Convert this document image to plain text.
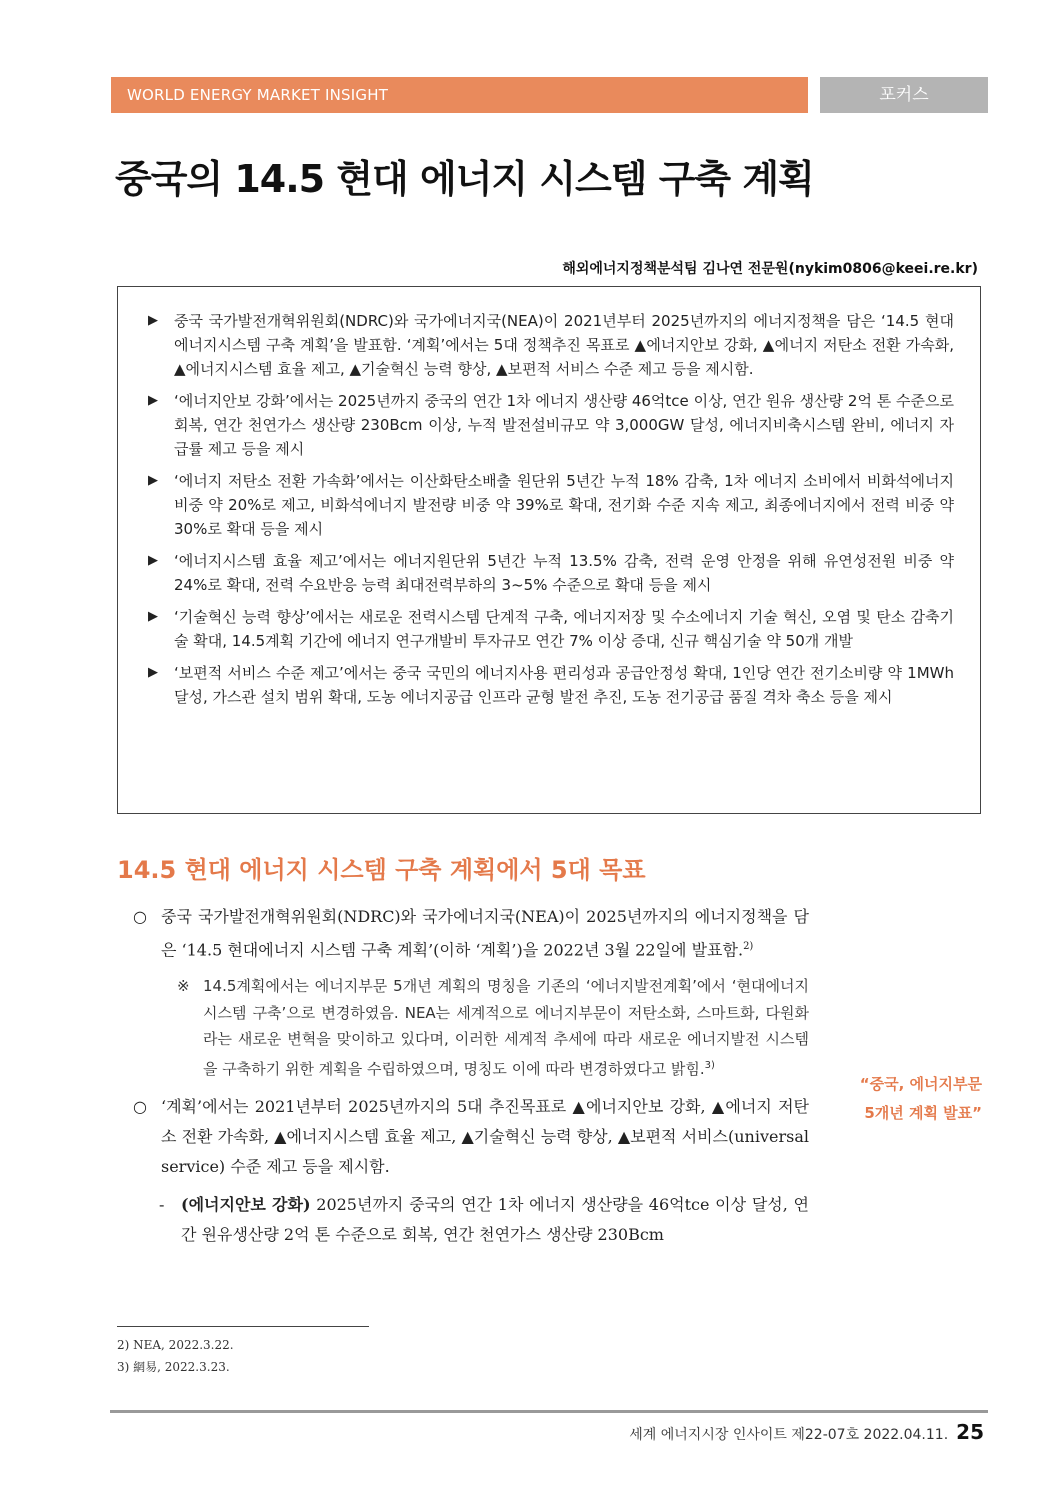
WORLD ENERGY MARKET INSIGHT	포커스
중국의 14.5 현대 에너지 시스템 구축 계획
해외에너지정책분석팀 김나연 전문원(nykim0806@keei.re.kr)
▶ 중국 국가발전개혁위원회(NDRC)와 국가에너지국(NEA)이 2021년부터 2025년까지의 에너지정책을 담은 ‘14.5 현대에너지시스템 구축 계획’을 발표함. ‘계획’에서는 5대 정책추진 목표로 ▲에너지안보 강화, ▲에너지 저탄소 전환 가속화, ▲에너지시스템 효율 제고, ▲기술혁신 능력 향상, ▲보편적 서비스 수준 제고 등을 제시함.
▶ ‘에너지안보 강화’에서는 2025년까지 중국의 연간 1차 에너지 생산량 46억tce 이상, 연간 원유 생산량 2억 톤 수준으로 회복, 연간 천연가스 생산량 230Bcm 이상, 누적 발전설비규모 약 3,000GW 달성, 에너지비축시스템 완비, 에너지 자급률 제고 등을 제시
▶ ‘에너지 저탄소 전환 가속화’에서는 이산화탄소배출 원단위 5년간 누적 18% 감축, 1차 에너지 소비에서 비화석에너지 비중 약 20%로 제고, 비화석에너지 발전량 비중 약 39%로 확대, 전기화 수준 지속 제고, 최종에너지에서 전력 비중 약 30%로 확대 등을 제시
▶ ‘에너지시스템 효율 제고’에서는 에너지원단위 5년간 누적 13.5% 감축, 전력 운영 안정을 위해 유연성전원 비중 약 24%로 확대, 전력 수요반응 능력 최대전력부하의 3~5% 수준으로 확대 등을 제시
▶ ‘기술혁신 능력 향상’에서는 새로운 전력시스템 단계적 구축, 에너지저장 및 수소에너지 기술 혁신, 오염 및 탄소 감축기술 확대, 14.5계획 기간에 에너지 연구개발비 투자규모 연간 7% 이상 증대, 신규 핵심기술 약 50개 개발
▶ ‘보편적 서비스 수준 제고’에서는 중국 국민의 에너지사용 편리성과 공급안정성 확대, 1인당 연간 전기소비량 약 1MWh 달성, 가스관 설치 범위 확대, 도농 에너지공급 인프라 균형 발전 추진, 도농 전기공급 품질 격차 축소 등을 제시
14.5 현대 에너지 시스템 구축 계획에서 5대 목표
○ 중국 국가발전개혁위원회(NDRC)와 국가에너지국(NEA)이 2025년까지의 에너지정책을 담은 ‘14.5 현대에너지 시스템 구축 계획’(이하 ‘계획’)을 2022년 3월 22일에 발표함.$^{2)}$
※ 14.5계획에서는 에너지부문 5개년 계획의 명칭을 기존의 ‘에너지발전계획’에서 ‘현대에너지시스템 구축’으로 변경하였음. NEA는 세계적으로 에너지부문이 저탄소화, 스마트화, 다원화라는 새로운 변혁을 맞이하고 있다며, 이러한 세계적 추세에 따라 새로운 에너지발전 시스템을 구축하기 위한 계획을 수립하였으며, 명칭도 이에 따라 변경하였다고 밝힘.$^{3)}$
○ ‘계획’에서는 2021년부터 2025년까지의 5대 추진목표로 ▲에너지안보 강화, ▲에너지 저탄소 전환 가속화, ▲에너지시스템 효율 제고, ▲기술혁신 능력 향상, ▲보편적 서비스(universal service) 수준 제고 등을 제시함.
- (에너지안보 강화) 2025년까지 중국의 연간 1차 에너지 생산량을 46억tce 이상 달성, 연간 원유생산량 2억 톤 수준으로 회복, 연간 천연가스 생산량 230Bcm
“중국, 에너지부문
5개년 계획 발표”
2) NEA, 2022.3.22.
3) 網易, 2022.3.23.
세계 에너지시장 인사이트 제22-07호 2022.04.11. 25
